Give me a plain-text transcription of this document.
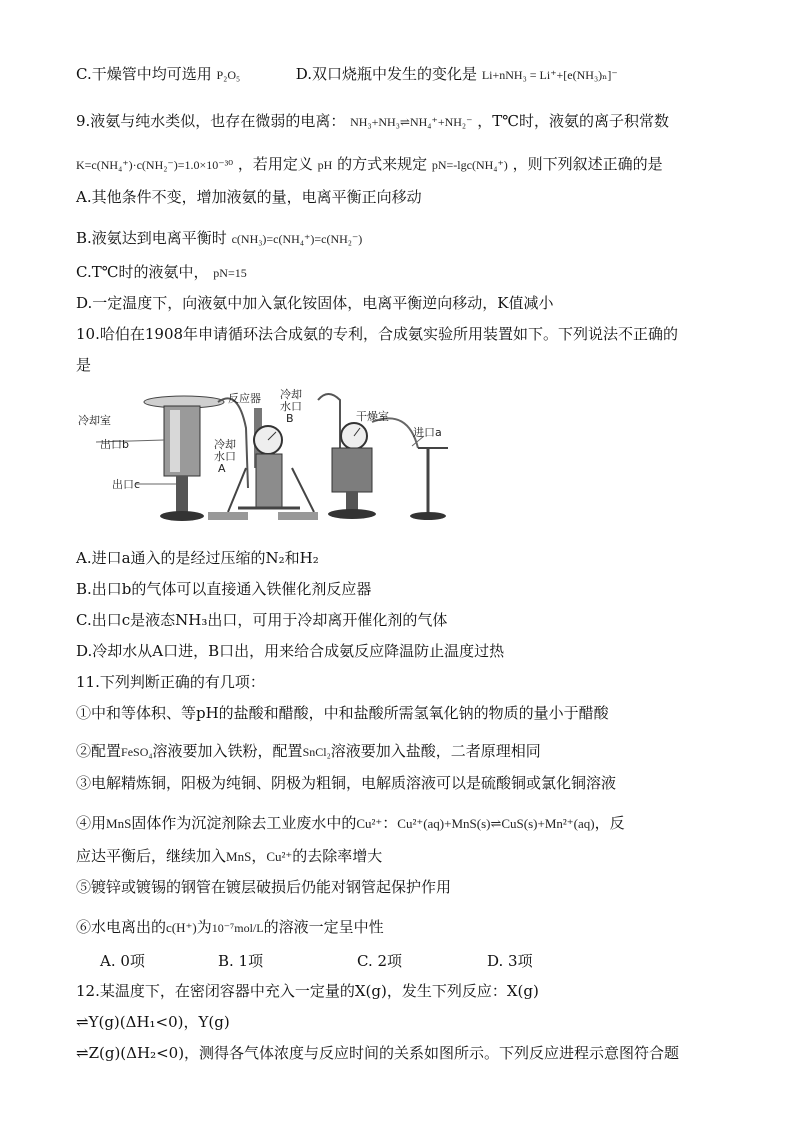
C.干燥管中均可选用 P₂O₅	D.双口烧瓶中发生的变化是 Li+nNH₃ = Li⁺+[e(NH₃)ₙ]⁻
9.液氨与纯水类似，也存在微弱的电离： NH₃+NH₃⇌NH₄⁺+NH₂⁻ ，T℃时，液氨的离子积常数
K=c(NH₄⁺)·c(NH₂⁻)=1.0×10⁻³⁰ ，若用定义 pH 的方式来规定 pN=-lgc(NH₄⁺) ，则下列叙述正确的是
A.其他条件不变，增加液氨的量，电离平衡正向移动
B.液氨达到电离平衡时 c(NH₃)=c(NH₄⁺)=c(NH₂⁻)
C.T℃时的液氨中， pN=15
D.一定温度下，向液氨中加入氯化铵固体，电离平衡逆向移动，K值减小
10.哈伯在1908年申请循环法合成氨的专利，合成氨实验所用装置如下。下列说法不正确的
是
冷却室
出口b
出口c
反应器 冷却
水口
B	干燥室
冷却
水口
A
进口a
A.进口a通入的是经过压缩的N₂和H₂
B.出口b的气体可以直接通入铁催化剂反应器
C.出口c是液态NH₃出口，可用于冷却离开催化剂的气体
D.冷却水从A口进，B口出，用来给合成氨反应降温防止温度过热
11.下列判断正确的有几项：
①中和等体积、等pH的盐酸和醋酸，中和盐酸所需氢氧化钠的物质的量小于醋酸
②配置FeSO₄溶液要加入铁粉，配置SnCl₂溶液要加入盐酸，二者原理相同
③电解精炼铜，阳极为纯铜、阴极为粗铜，电解质溶液可以是硫酸铜或氯化铜溶液
④用MnS固体作为沉淀剂除去工业废水中的Cu²⁺：Cu²⁺(aq)+MnS(s)⇌CuS(s)+Mn²⁺(aq)，反
应达平衡后，继续加入MnS，Cu²⁺的去除率增大
⑤镀锌或镀锡的钢管在镀层破损后仍能对钢管起保护作用
⑥水电离出的c(H⁺)为10⁻⁷mol/L的溶液一定呈中性
A. 0项	B. 1项	C. 2项	D. 3项
12.某温度下，在密闭容器中充入一定量的X(g)，发生下列反应：X(g)
⇌Y(g)(ΔH₁<0)，Y(g)
⇌Z(g)(ΔH₂<0)，测得各气体浓度与反应时间的关系如图所示。下列反应进程示意图符合题
